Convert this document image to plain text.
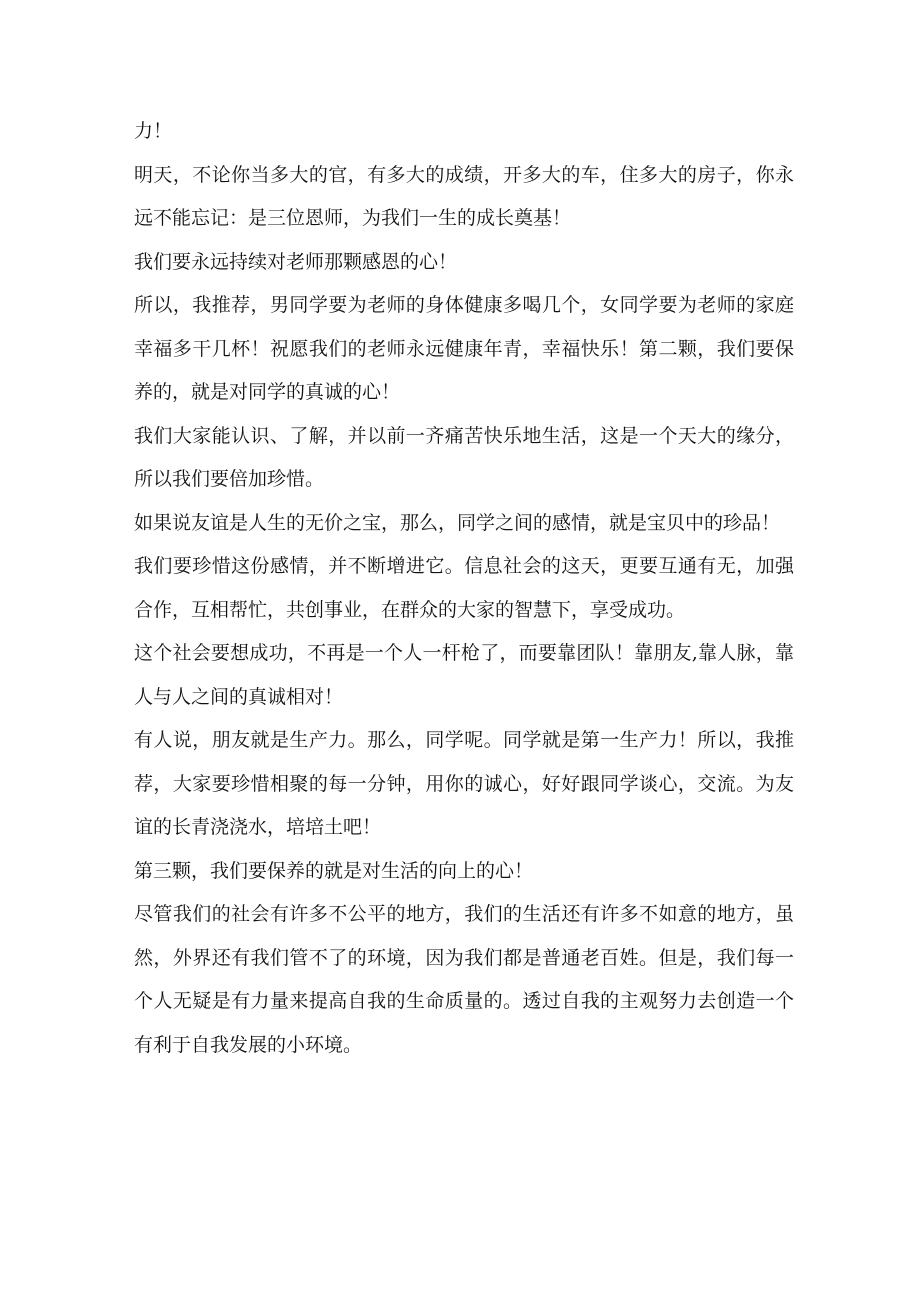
力！

明天，不论你当多大的官，有多大的成绩，开多大的车，住多大的房子，你永远不能忘记：是三位恩师，为我们一生的成长奠基！

我们要永远持续对老师那颗感恩的心！

所以，我推荐，男同学要为老师的身体健康多喝几个，女同学要为老师的家庭幸福多干几杯！祝愿我们的老师永远健康年青，幸福快乐！第二颗，我们要保养的，就是对同学的真诚的心！

我们大家能认识、了解，并以前一齐痛苦快乐地生活，这是一个天大的缘分，所以我们要倍加珍惜。

如果说友谊是人生的无价之宝，那么，同学之间的感情，就是宝贝中的珍品！

我们要珍惜这份感情，并不断增进它。信息社会的这天，更要互通有无，加强合作，互相帮忙，共创事业，在群众的大家的智慧下，享受成功。

这个社会要想成功，不再是一个人一杆枪了，而要靠团队！靠朋友,靠人脉，靠人与人之间的真诚相对！

有人说，朋友就是生产力。那么，同学呢。同学就是第一生产力！所以，我推荐，大家要珍惜相聚的每一分钟，用你的诚心，好好跟同学谈心，交流。为友谊的长青浇浇水，培培土吧！

第三颗，我们要保养的就是对生活的向上的心！

尽管我们的社会有许多不公平的地方，我们的生活还有许多不如意的地方，虽然，外界还有我们管不了的环境，因为我们都是普通老百姓。但是，我们每一个人无疑是有力量来提高自我的生命质量的。透过自我的主观努力去创造一个有利于自我发展的小环境。
